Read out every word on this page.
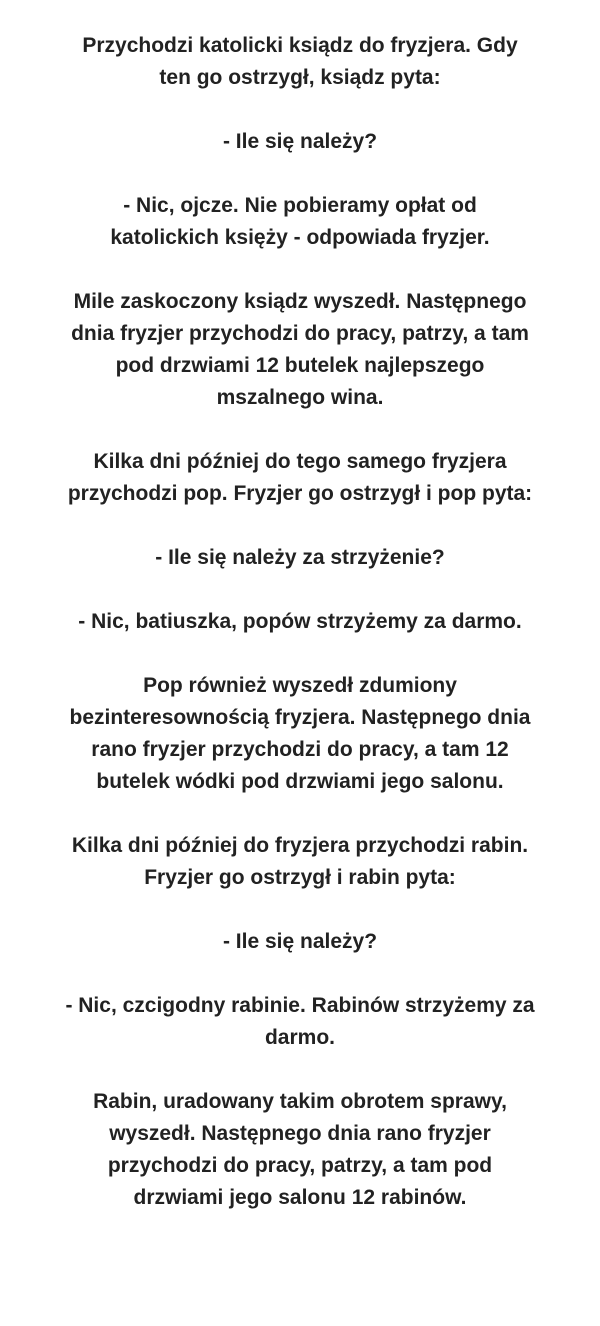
Przychodzi katolicki ksiądz do fryzjera. Gdy
ten go ostrzygł, ksiądz pyta:

- Ile się należy?

- Nic, ojcze. Nie pobieramy opłat od
katolickich księży - odpowiada fryzjer.

Mile zaskoczony ksiądz wyszedł. Następnego
dnia fryzjer przychodzi do pracy, patrzy, a tam
pod drzwiami 12 butelek najlepszego
mszalnego wina.

Kilka dni później do tego samego fryzjera
przychodzi pop. Fryzjer go ostrzygł i pop pyta:

- Ile się należy za strzyżenie?

- Nic, batiuszka, popów strzyżemy za darmo.

Pop również wyszedł zdumiony
bezinteresownością fryzjera. Następnego dnia
rano fryzjer przychodzi do pracy, a tam 12
butelek wódki pod drzwiami jego salonu.

Kilka dni później do fryzjera przychodzi rabin.
Fryzjer go ostrzygł i rabin pyta:

- Ile się należy?

- Nic, czcigodny rabinie. Rabinów strzyżemy za
darmo.

Rabin, uradowany takim obrotem sprawy,
wyszedł. Następnego dnia rano fryzjer
przychodzi do pracy, patrzy, a tam pod
drzwiami jego salonu 12 rabinów.
